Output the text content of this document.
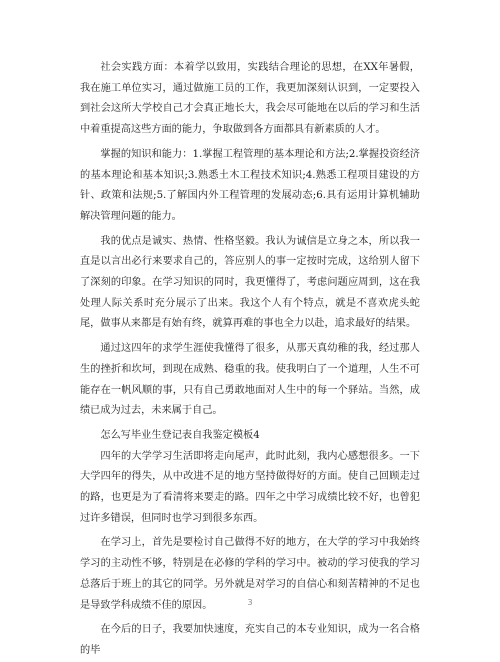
社会实践方面：本着学以致用，实践结合理论的思想，在XX年暑假，我在施工单位实习，通过做施工员的工作，我更加深刻认识到，一定要投入到社会这所大学校自己才会真正地长大，我会尽可能地在以后的学习和生活中着重提高这些方面的能力，争取做到各方面都具有新素质的人才。

掌握的知识和能力：1.掌握工程管理的基本理论和方法;2.掌握投资经济的基本理论和基本知识;3.熟悉土木工程技术知识;4.熟悉工程项目建设的方针、政策和法规;5.了解国内外工程管理的发展动态;6.具有运用计算机辅助解决管理问题的能力。

我的优点是诚实、热情、性格坚毅。我认为诚信是立身之本，所以我一直是以言出必行来要求自己的，答应别人的事一定按时完成，这给别人留下了深刻的印象。在学习知识的同时，我更懂得了，考虑问题应周到，这在我处理人际关系时充分展示了出来。我这个人有个特点，就是不喜欢虎头蛇尾，做事从来都是有始有终，就算再难的事也全力以赴，追求最好的结果。

通过这四年的求学生涯使我懂得了很多，从那天真幼稚的我，经过那人生的挫折和坎坷，到现在成熟、稳重的我。使我明白了一个道理，人生不可能存在一帆风顺的事，只有自己勇敢地面对人生中的每一个驿站。当然，成绩已成为过去，未来属于自己。

怎么写毕业生登记表自我鉴定模板4

四年的大学学习生活即将走向尾声，此时此刻，我内心感想很多。一下大学四年的得失，从中改进不足的地方坚持做得好的方面。使自己回顾走过的路，也更是为了看清将来要走的路。四年之中学习成绩比较不好，也曾犯过许多错误，但同时也学习到很多东西。

在学习上，首先是要检讨自己做得不好的地方，在大学的学习中我始终学习的主动性不够，特别是在必修的学科的学习中。被动的学习使我的学习总落后于班上的其它的同学。另外就是对学习的自信心和刻苦精神的不足也是导致学科成绩不佳的原因。

在今后的日子，我要加快速度，充实自己的本专业知识，成为一名合格的毕

3
